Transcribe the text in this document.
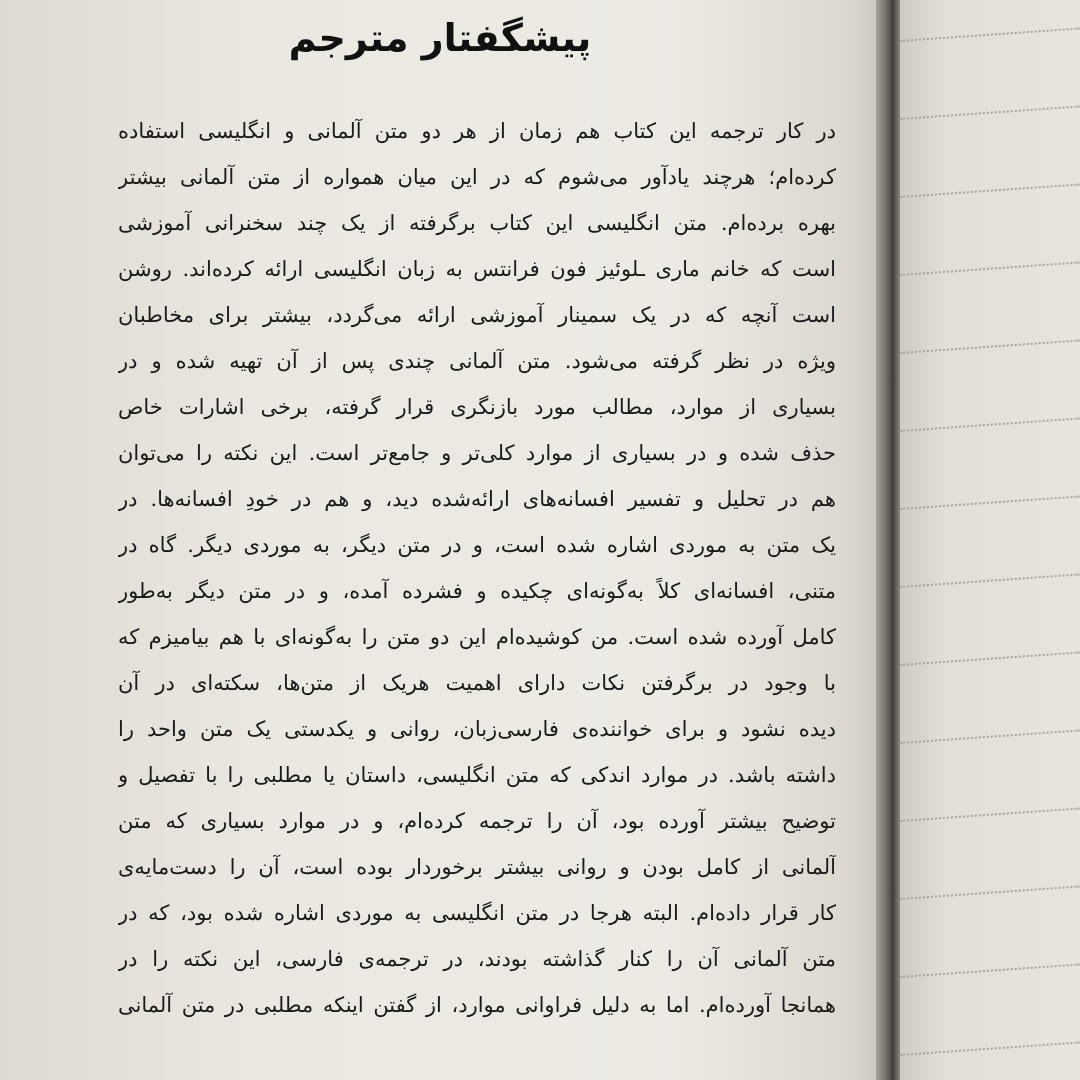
پیشگفتار مترجم
در کار ترجمه این کتاب هم زمان از هر دو متن آلمانی و انگلیسی استفاده
کرده‌ام؛ هرچند یادآور می‌شوم که در این میان همواره از متن آلمانی بیشتر
بهره برده‌ام. متن انگلیسی این کتاب برگرفته از یک چند سخنرانی آموزشی
است که خانم ماری ـلوئیز فون فرانتس به زبان انگلیسی ارائه کرده‌اند. روشن
است آنچه که در یک سمینار آموزشی ارائه می‌گردد، بیشتر برای مخاطبان
ویژه در نظر گرفته می‌شود. متن آلمانی چندی پس از آن تهیه شده و در
بسیاری از موارد، مطالب مورد بازنگری قرار گرفته، برخی اشارات خاص
حذف شده و در بسیاری از موارد کلی‌تر و جامع‌تر است. این نکته را می‌توان
هم در تحلیل و تفسیر افسانه‌های ارائه‌شده دید، و هم در خودِ افسانه‌ها. در
یک متن به موردی اشاره شده است، و در متن دیگر، به موردی دیگر. گاه در
متنی، افسانه‌ای کلاً به‌گونه‌ای چکیده و فشرده آمده، و در متن دیگر به‌طور
کامل آورده شده است. من کوشیده‌ام این دو متن را به‌گونه‌ای با هم بیامیزم که
با وجود در برگرفتن نکات دارای اهمیت هریک از متن‌ها، سکته‌ای در آن
دیده نشود و برای خواننده‌ی فارسی‌زبان، روانی و یکدستی یک متن واحد را
داشته باشد. در موارد اندکی که متن انگلیسی، داستان یا مطلبی را با تفصیل و
توضیح بیشتر آورده بود، آن را ترجمه کرده‌ام، و در موارد بسیاری که متن
آلمانی از کامل بودن و روانی بیشتر برخوردار بوده است، آن را دست‌مایه‌ی
کار قرار داده‌ام. البته هرجا در متن انگلیسی به موردی اشاره شده بود، که در
متن آلمانی آن را کنار گذاشته بودند، در ترجمه‌ی فارسی، این نکته را در
همانجا آورده‌ام. اما به دلیل فراوانی موارد، از گفتن اینکه مطلبی در متن آلمانی
